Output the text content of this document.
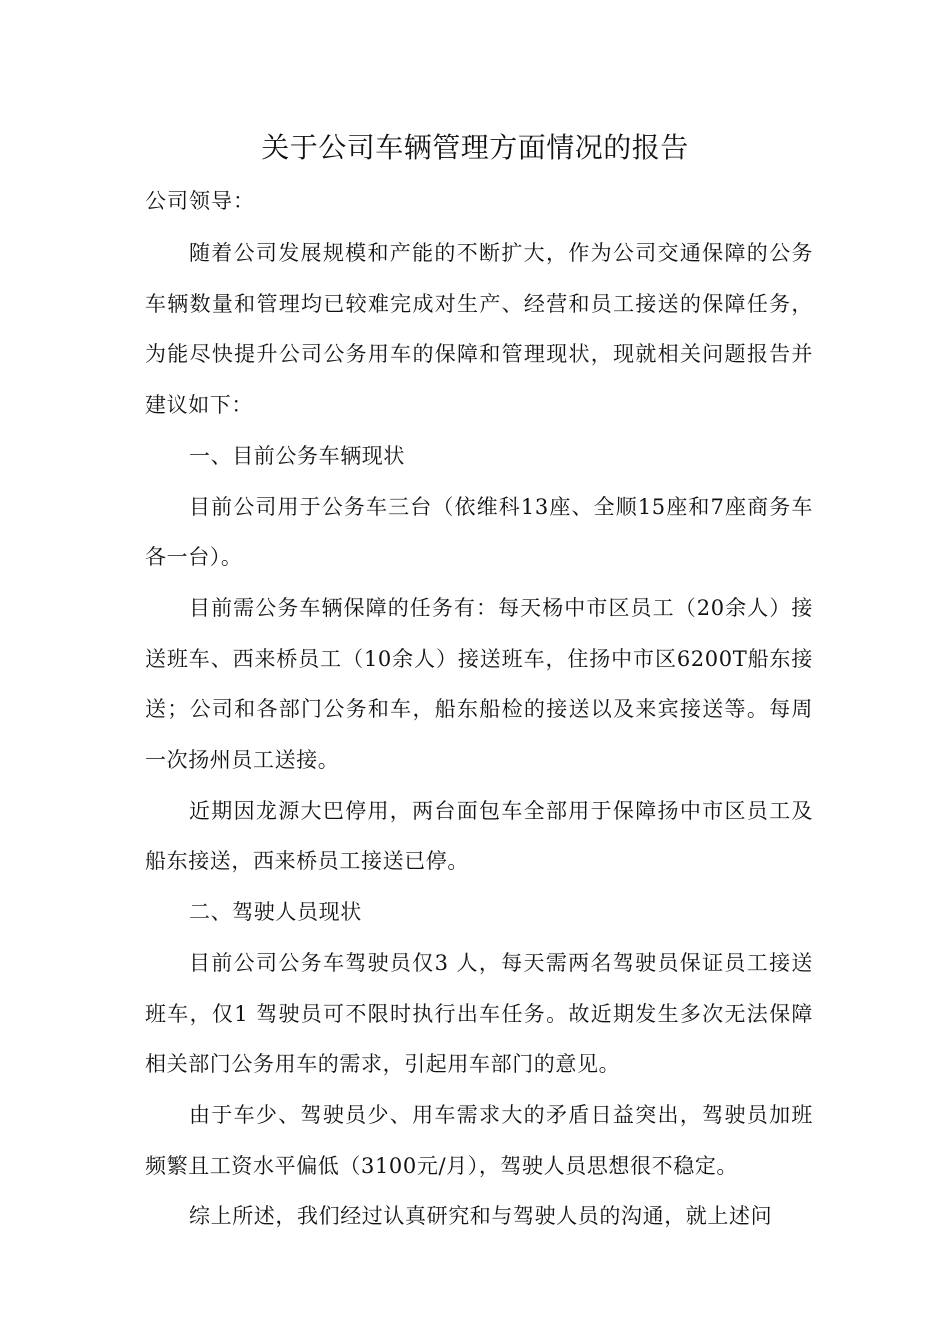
关于公司车辆管理方面情况的报告
公司领导：

随着公司发展规模和产能的不断扩大，作为公司交通保障的公务车辆数量和管理均已较难完成对生产、经营和员工接送的保障任务，为能尽快提升公司公务用车的保障和管理现状，现就相关问题报告并建议如下：

一、目前公务车辆现状

目前公司用于公务车三台（依维科13座、全顺15座和7座商务车各一台）。

目前需公务车辆保障的任务有：每天杨中市区员工（20余人）接送班车、西来桥员工（10余人）接送班车，住扬中市区6200T船东接送；公司和各部门公务和车，船东船检的接送以及来宾接送等。每周一次扬州员工送接。

近期因龙源大巴停用，两台面包车全部用于保障扬中市区员工及船东接送，西来桥员工接送已停。

二、驾驶人员现状

目前公司公务车驾驶员仅3 人，每天需两名驾驶员保证员工接送班车，仅1 驾驶员可不限时执行出车任务。故近期发生多次无法保障相关部门公务用车的需求，引起用车部门的意见。

由于车少、驾驶员少、用车需求大的矛盾日益突出，驾驶员加班频繁且工资水平偏低（3100元/月），驾驶人员思想很不稳定。

综上所述，我们经过认真研究和与驾驶人员的沟通，就上述问
